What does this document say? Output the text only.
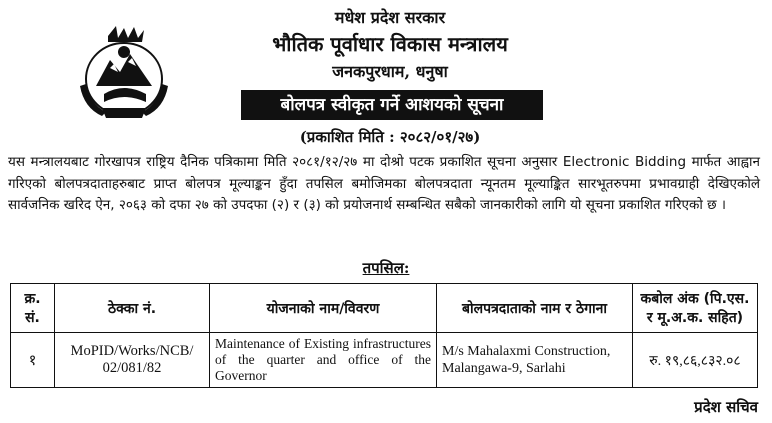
मधेश प्रदेश सरकार
भौतिक पूर्वाधार विकास मन्त्रालय
जनकपुरधाम, धनुषा
बोलपत्र स्वीकृत गर्ने आशयको सूचना
(प्रकाशित मिति : २०८२/०१/२७)
यस मन्त्रालयबाट गोरखापत्र राष्ट्रिय दैनिक पत्रिकामा मिति २०८१/१२/२७ मा दोश्रो पटक प्रकाशित सूचना अनुसार Electronic Bidding मार्फत आह्वान गरिएको बोलपत्रदाताहरुबाट प्राप्त बोलपत्र मूल्याङ्कन हुँदा तपसिल बमोजिमका बोलपत्रदाता न्यूनतम मूल्याङ्कित सारभूतरुपमा प्रभावग्राही देखिएकोले सार्वजनिक खरिद ऐन, २०६३ को दफा २७ को उपदफा (२) र (३) को प्रयोजनार्थ सम्बन्धित सबैको जानकारीको लागि यो सूचना प्रकाशित गरिएको छ ।
तपसिल:
क्र. सं.	ठेक्का नं.	योजनाको नाम/विवरण	बोलपत्रदाताको नाम र ठेगाना	कबोल अंक (पि.एस. र मू.अ.क. सहित)
१	MoPID/Works/NCB/ 02/081/82	Maintenance of Existing infrastructures of the quarter and office of the Governor	M/s Mahalaxmi Construction,
Malangawa-9, Sarlahi	रु. १९,८६,८३२.०८
प्रदेश सचिव
